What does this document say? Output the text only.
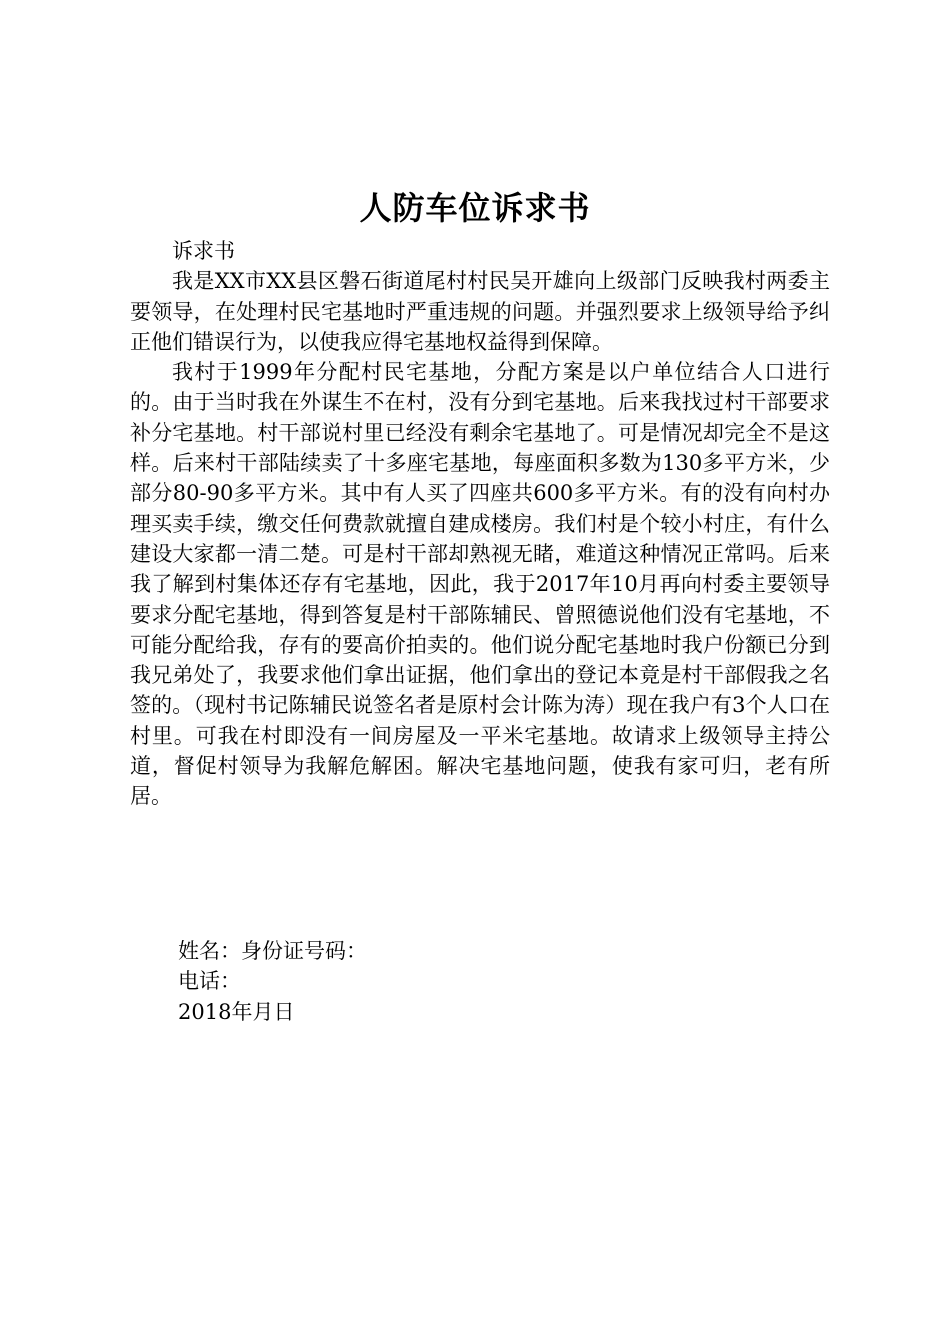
人防车位诉求书

诉求书

我是XX市XX县区磐石街道尾村村民吴开雄向上级部门反映我村两委主要领导，在处理村民宅基地时严重违规的问题。并强烈要求上级领导给予纠正他们错误行为，以使我应得宅基地权益得到保障。

我村于1999年分配村民宅基地，分配方案是以户单位结合人口进行的。由于当时我在外谋生不在村，没有分到宅基地。后来我找过村干部要求补分宅基地。村干部说村里已经没有剩余宅基地了。可是情况却完全不是这样。后来村干部陆续卖了十多座宅基地，每座面积多数为130多平方米，少部分80-90多平方米。其中有人买了四座共600多平方米。有的没有向村办理买卖手续，缴交任何费款就擅自建成楼房。我们村是个较小村庄，有什么建设大家都一清二楚。可是村干部却熟视无睹，难道这种情况正常吗。后来我了解到村集体还存有宅基地，因此，我于2017年10月再向村委主要领导要求分配宅基地，得到答复是村干部陈辅民、曾照德说他们没有宅基地，不可能分配给我，存有的要高价拍卖的。他们说分配宅基地时我户份额已分到我兄弟处了，我要求他们拿出证据，他们拿出的登记本竟是村干部假我之名签的。（现村书记陈辅民说签名者是原村会计陈为涛）现在我户有3个人口在村里。可我在村即没有一间房屋及一平米宅基地。故请求上级领导主持公道，督促村领导为我解危解困。解决宅基地问题，使我有家可归，老有所居。

姓名：身份证号码：
电话：
2018年月日
